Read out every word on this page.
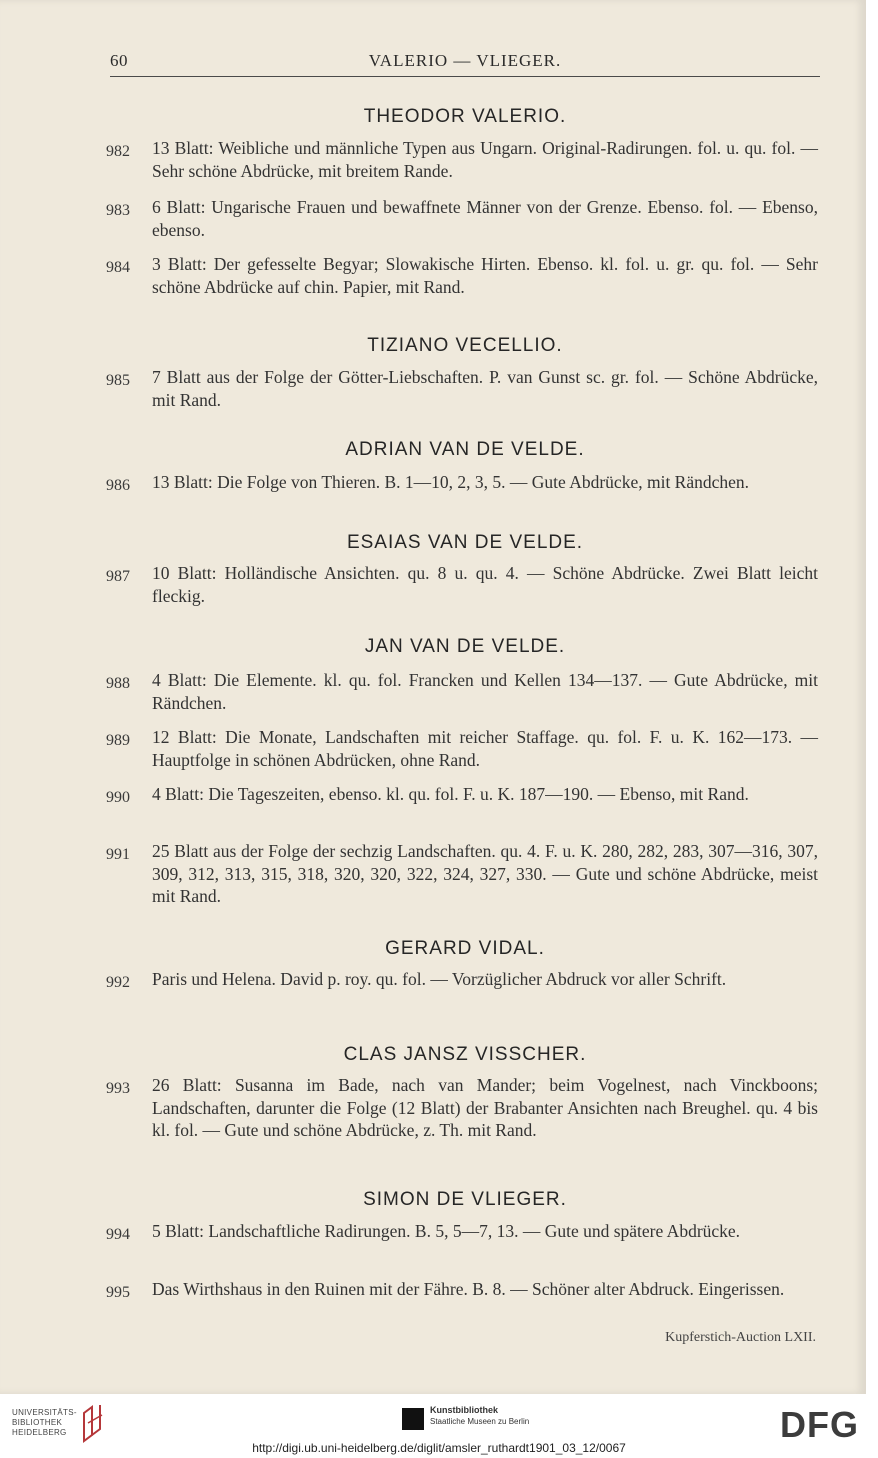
60	VALERIO — VLIEGER.
THEODOR VALERIO.
982	13 Blatt: Weibliche und männliche Typen aus Ungarn. Original-Radirungen. fol. u. qu. fol. — Sehr schöne Abdrücke, mit breitem Rande.
983	6 Blatt: Ungarische Frauen und bewaffnete Männer von der Grenze. Ebenso. fol. — Ebenso, ebenso.
984	3 Blatt: Der gefesselte Begyar; Slowakische Hirten. Ebenso. kl. fol. u. gr. qu. fol. — Sehr schöne Abdrücke auf chin. Papier, mit Rand.
TIZIANO VECELLIO.
985	7 Blatt aus der Folge der Götter-Liebschaften. P. van Gunst sc. gr. fol. — Schöne Abdrücke, mit Rand.
ADRIAN VAN DE VELDE.
986	13 Blatt: Die Folge von Thieren. B. 1—10, 2, 3, 5. — Gute Abdrücke, mit Rändchen.
ESAIAS VAN DE VELDE.
987	10 Blatt: Holländische Ansichten. qu. 8 u. qu. 4. — Schöne Abdrücke. Zwei Blatt leicht fleckig.
JAN VAN DE VELDE.
988	4 Blatt: Die Elemente. kl. qu. fol. Francken und Kellen 134—137. — Gute Abdrücke, mit Rändchen.
989	12 Blatt: Die Monate, Landschaften mit reicher Staffage. qu. fol. F. u. K. 162—173. — Hauptfolge in schönen Abdrücken, ohne Rand.
990	4 Blatt: Die Tageszeiten, ebenso. kl. qu. fol. F. u. K. 187—190. — Ebenso, mit Rand.
991	25 Blatt aus der Folge der sechzig Landschaften. qu. 4. F. u. K. 280, 282, 283, 307—316, 307, 309, 312, 313, 315, 318, 320, 320, 322, 324, 327, 330. — Gute und schöne Abdrücke, meist mit Rand.
GERARD VIDAL.
992	Paris und Helena. David p. roy. qu. fol. — Vorzüglicher Abdruck vor aller Schrift.
CLAS JANSZ VISSCHER.
993	26 Blatt: Susanna im Bade, nach van Mander; beim Vogelnest, nach Vinckboons; Landschaften, darunter die Folge (12 Blatt) der Brabanter Ansichten nach Breughel. qu. 4 bis kl. fol. — Gute und schöne Abdrücke, z. Th. mit Rand.
SIMON DE VLIEGER.
994	5 Blatt: Landschaftliche Radirungen. B. 5, 5—7, 13. — Gute und spätere Abdrücke.
995	Das Wirthshaus in den Ruinen mit der Fähre. B. 8. — Schöner alter Abdruck. Eingerissen.
Kupferstich-Auction LXII.
UNIVERSITÄTS-
BIBLIOTHEK
HEIDELBERG
Kunstbibliothek
Staatliche Museen zu Berlin	DFG
http://digi.ub.uni-heidelberg.de/diglit/amsler_ruthardt1901_03_12/0067
